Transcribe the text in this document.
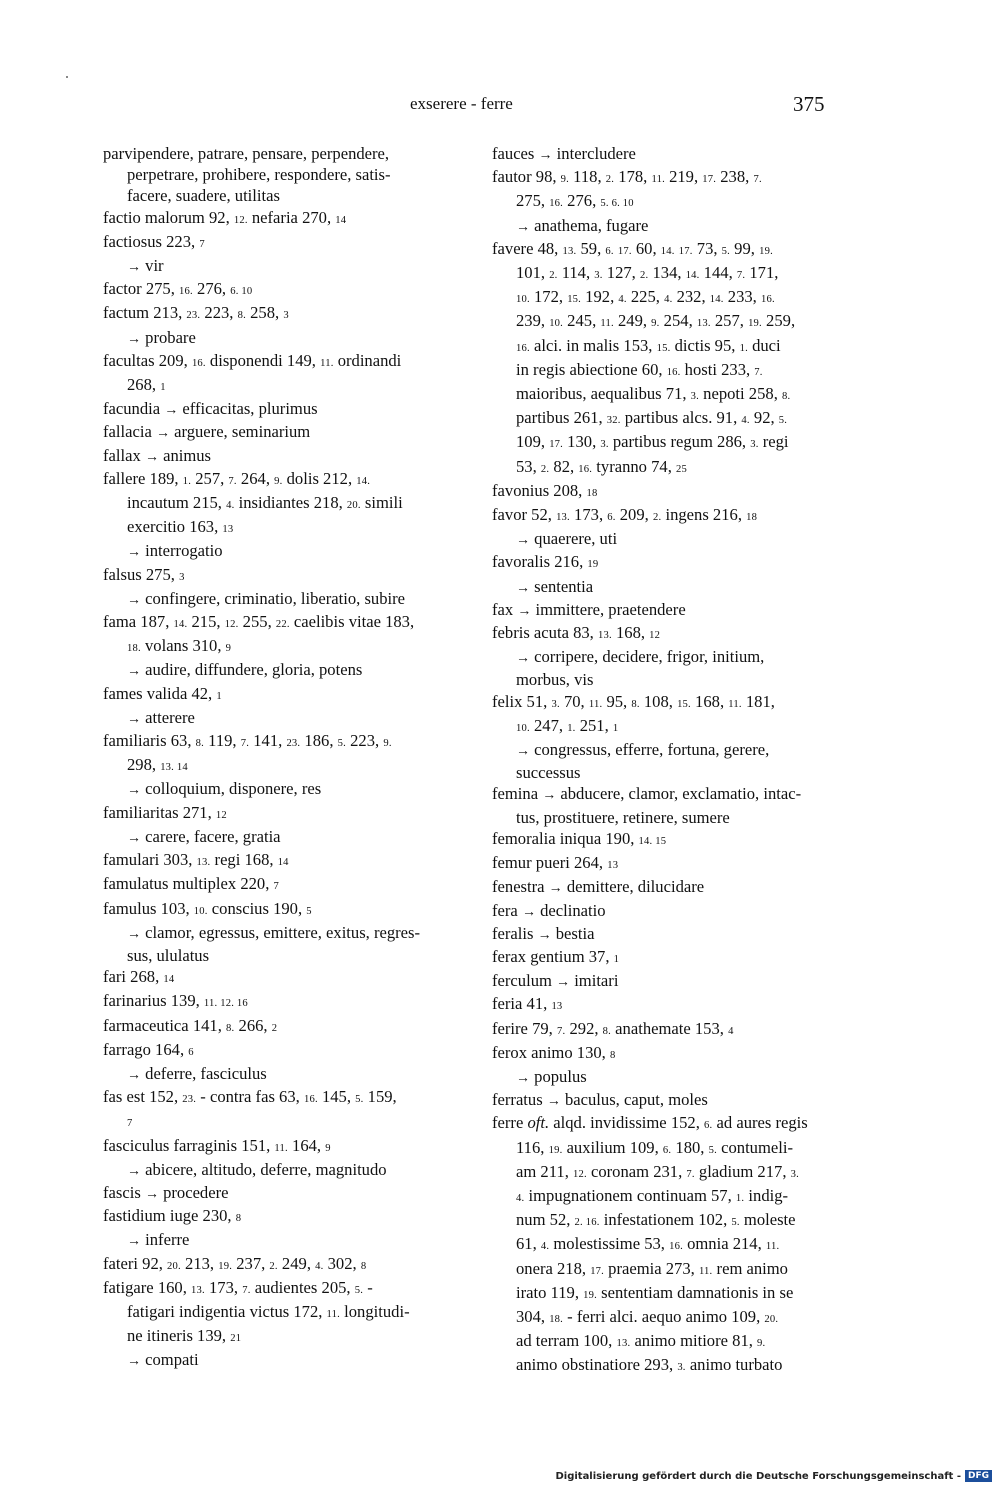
exserere - ferre	375
parvipendere, patrare, pensare, perpendere,
perpetrare, prohibere, respondere, satis-
facere, suadere, utilitas
factio malorum 92, 12. nefaria 270, 14
factiosus 223, 7
→ vir
factor 275, 16. 276, 6. 10
factum 213, 23. 223, 8. 258, 3
→ probare
facultas 209, 16. disponendi 149, 11. ordinandi
268, 1
facundia → efficacitas, plurimus
fallacia → arguere, seminarium
fallax → animus
fallere 189, 1. 257, 7. 264, 9. dolis 212, 14.
incautum 215, 4. insidiantes 218, 20. simili
exercitio 163, 13
→ interrogatio
falsus 275, 3
→ confingere, criminatio, liberatio, subire
fama 187, 14. 215, 12. 255, 22. caelibis vitae 183,
18. volans 310, 9
→ audire, diffundere, gloria, potens
fames valida 42, 1
→ atterere
familiaris 63, 8. 119, 7. 141, 23. 186, 5. 223, 9.
298, 13. 14
→ colloquium, disponere, res
familiaritas 271, 12
→ carere, facere, gratia
famulari 303, 13. regi 168, 14
famulatus multiplex 220, 7
famulus 103, 10. conscius 190, 5
→ clamor, egressus, emittere, exitus, regres-
sus, ululatus
fari 268, 14
farinarius 139, 11. 12. 16
farmaceutica 141, 8. 266, 2
farrago 164, 6
→ deferre, fasciculus
fas est 152, 23. - contra fas 63, 16. 145, 5. 159,
7
fasciculus farraginis 151, 11. 164, 9
→ abicere, altitudo, deferre, magnitudo
fascis → procedere
fastidium iuge 230, 8
→ inferre
fateri 92, 20. 213, 19. 237, 2. 249, 4. 302, 8
fatigare 160, 13. 173, 7. audientes 205, 5. -
fatigari indigentia victus 172, 11. longitudi-
ne itineris 139, 21
→ compati
fauces → intercludere
fautor 98, 9. 118, 2. 178, 11. 219, 17. 238, 7.
275, 16. 276, 5. 6. 10
→ anathema, fugare
favere 48, 13. 59, 6. 17. 60, 14. 17. 73, 5. 99, 19.
101, 2. 114, 3. 127, 2. 134, 14. 144, 7. 171,
10. 172, 15. 192, 4. 225, 4. 232, 14. 233, 16.
239, 10. 245, 11. 249, 9. 254, 13. 257, 19. 259,
16. alci. in malis 153, 15. dictis 95, 1. duci
in regis abiectione 60, 16. hosti 233, 7.
maioribus, aequalibus 71, 3. nepoti 258, 8.
partibus 261, 32. partibus alcs. 91, 4. 92, 5.
109, 17. 130, 3. partibus regum 286, 3. regi
53, 2. 82, 16. tyranno 74, 25
favonius 208, 18
favor 52, 13. 173, 6. 209, 2. ingens 216, 18
→ quaerere, uti
favoralis 216, 19
→ sententia
fax → immittere, praetendere
febris acuta 83, 13. 168, 12
→ corripere, decidere, frigor, initium,
morbus, vis
felix 51, 3. 70, 11. 95, 8. 108, 15. 168, 11. 181,
10. 247, 1. 251, 1
→ congressus, efferre, fortuna, gerere,
successus
femina → abducere, clamor, exclamatio, intac-
tus, prostituere, retinere, sumere
femoralia iniqua 190, 14. 15
femur pueri 264, 13
fenestra → demittere, dilucidare
fera → declinatio
feralis → bestia
ferax gentium 37, 1
ferculum → imitari
feria 41, 13
ferire 79, 7. 292, 8. anathemate 153, 4
ferox animo 130, 8
→ populus
ferratus → baculus, caput, moles
ferre oft. alqd. invidissime 152, 6. ad aures regis
116, 19. auxilium 109, 6. 180, 5. contumeli-
am 211, 12. coronam 231, 7. gladium 217, 3.
4. impugnationem continuam 57, 1. indig-
num 52, 2. 16. infestationem 102, 5. moleste
61, 4. molestissime 53, 16. omnia 214, 11.
onera 218, 17. praemia 273, 11. rem animo
irato 119, 19. sententiam damnationis in se
304, 18. - ferri alci. aequo animo 109, 20.
ad terram 100, 13. animo mitiore 81, 9.
animo obstinatiore 293, 3. animo turbato
Digitalisierung gefördert durch die Deutsche Forschungsgemeinschaft - DFG
